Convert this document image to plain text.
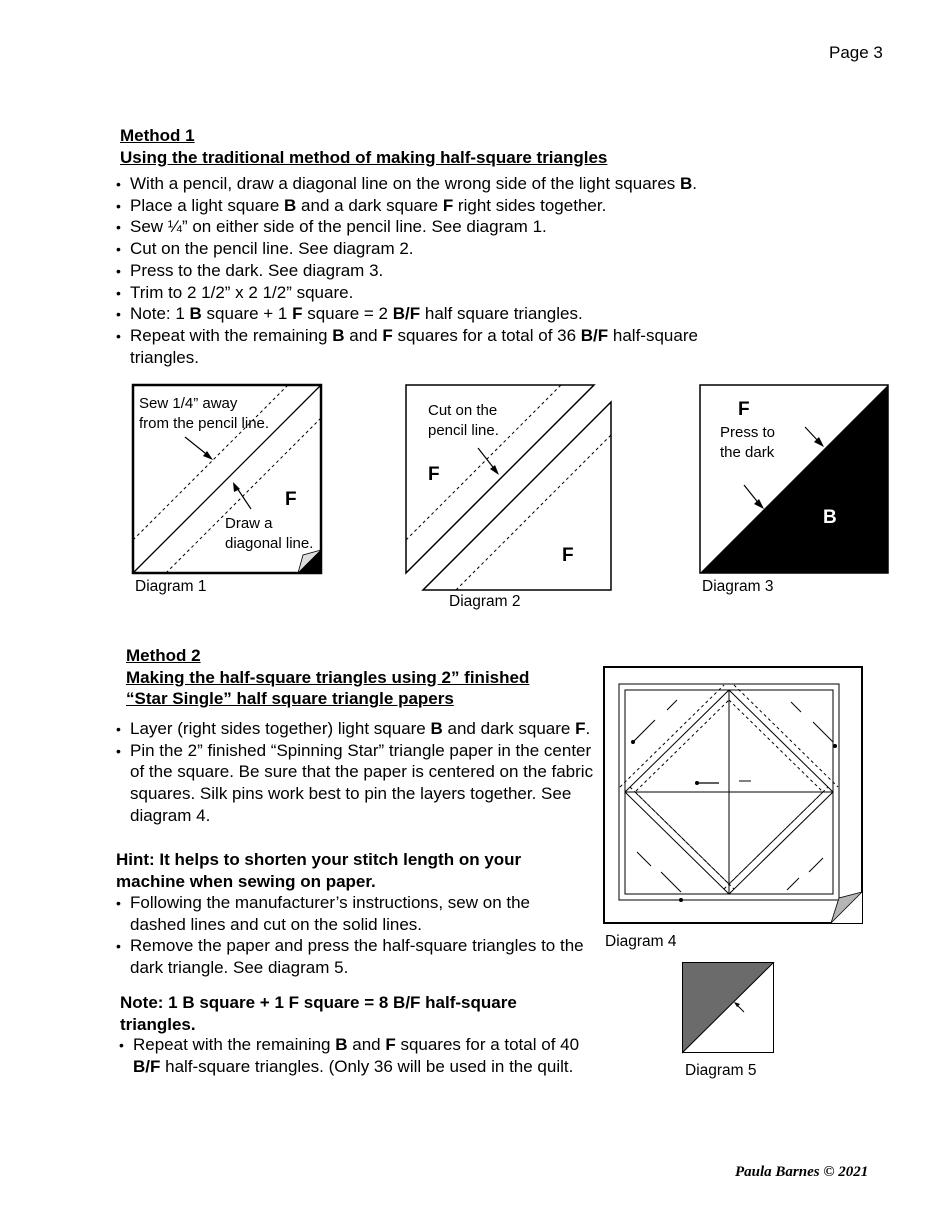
Page 3
Method 1
Using the traditional method of making half-square triangles
• With a pencil, draw a diagonal line on the wrong side of the light squares B.
• Place a light square B and a dark square F right sides together.
• Sew ¼” on either side of the pencil line. See diagram 1.
• Cut on the pencil line. See diagram 2.
• Press to the dark. See diagram 3.
• Trim to 2 1/2” x 2 1/2” square.
• Note: 1 B square + 1 F square = 2 B/F half square triangles.
• Repeat with the remaining B and F squares for a total of 36 B/F half-square triangles.
Sew 1/4” away
from the pencil line.
Draw a
diagonal line.
F
Diagram 1
Cut on the
pencil line.
F
F
Diagram 2
F
Press to
the dark
B
Diagram 3
Method 2
Making the half-square triangles using 2” finished
“Star Single” half square triangle papers
• Layer (right sides together) light square B and dark square F.
• Pin the 2” finished “Spinning Star” triangle paper in the center of the square. Be sure that the paper is centered on the fabric squares. Silk pins work best to pin the layers together. See diagram 4.
Hint: It helps to shorten your stitch length on your machine when sewing on paper.
• Following the manufacturer’s instructions, sew on the dashed lines and cut on the solid lines.
• Remove the paper and press the half-square triangles to the dark triangle. See diagram 5.
Note: 1 B square + 1 F square = 8 B/F half-square triangles.
• Repeat with the remaining B and F squares for a total of 40 B/F half-square triangles. (Only 36 will be used in the quilt.
Diagram 4
Diagram 5
Paula Barnes © 2021
